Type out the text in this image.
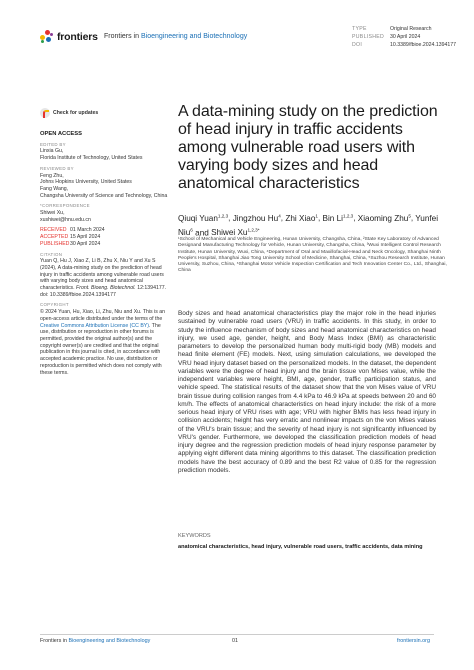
frontiers Frontiers in Bioengineering and Biotechnology
TYPE	Original Research
PUBLISHED 30 April 2024
DOI	10.3389/fbioe.2024.1394177
Check for updates
OPEN ACCESS
EDITED BY

Linxia Gu,
Florida Institute of Technology, United States

REVIEWED BY

Feng Zhu,
Johns Hopkins University, United States
Fang Wang,
Changsha University of Science and Technology, China

*CORRESPONDENCE

Shiwei Xu,
xushiwei@hnu.edu.cn

RECEIVED 01 March 2024
ACCEPTED 15 April 2024
PUBLISHED 30 April 2024
CITATION

Yuan Q, Hu J, Xiao Z, Li B, Zhu X, Niu Y and Xu S (2024), A data-mining study on the prediction of head injury in traffic accidents among vulnerable road users with varying body sizes and head anatomical characteristics. Front. Bioeng. Biotechnol. 12:1394177. doi: 10.3389/fbioe.2024.1394177

COPYRIGHT

© 2024 Yuan, Hu, Xiao, Li, Zhu, Niu and Xu. This is an open-access article distributed under the terms of the Creative Commons Attribution License (CC BY). The use, distribution or reproduction in other forums is permitted, provided the original author(s) and the copyright owner(s) are credited and that the original publication in this journal is cited, in accordance with accepted academic practice. No use, distribution or reproduction is permitted which does not comply with these terms.

A data-mining study on the prediction of head injury in traffic accidents among vulnerable road users with varying body sizes and head anatomical characteristics
Qiuqi Yuan$^{1,2,3}$, Jingzhou Hu$^4$, Zhi Xiao$^1$, Bin Li$^{1,2,3}$, Xiaoming Zhu$^5$, Yunfei Niu$^6$ and Shiwei $Xu^{1,2,3*}$
¹School of Mechanical and Vehicle Engineering, Hunan University, Changsha, China, ²State Key Laboratory of Advanced Designand Manufacturing Technology for Vehicle, Hunan University, Changsha, China, ³Wuxi Intelligent Control Research Institute, Hunan University, Wuxi, China, ⁴Department of Oral and Maxillofacial-Head and Neck Oncology, Shanghai Ninth People's Hospital, Shanghai Jiao Tong University School of Medicine, Shanghai, China, ⁵Suzhou Research Institute, Hunan University, Suzhou, China, ⁶Shanghai Motor Vehicle Inspection Certification and Tech Innovation Center Co., Ltd., Shanghai, China

Body sizes and head anatomical characteristics play the major role in the head injuries sustained by vulnerable road users (VRU) in traffic accidents. In this study, in order to study the influence mechanism of body sizes and head anatomical characteristics on head injury, we used age, gender, height, and Body Mass Index (BMI) as characteristic parameters to develop the personalized human body multi-rigid body (MB) models and head finite element (FE) models. Next, using simulation calculations, we developed the VRU head injury dataset based on the personalized models. In the dataset, the dependent variables were the degree of head injury and the brain tissue von Mises value, while the independent variables were height, BMI, age, gender, traffic participation status, and vehicle speed. The statistical results of the dataset show that the von Mises value of VRU brain tissue during collision ranges from 4.4 kPa to 46.9 kPa at speeds between 20 and 60 km/h. The effects of anatomical characteristics on head injury include: the risk of a more serious head injury of VRU rises with age; VRU with higher BMIs has less head injury in collision accidents; height has very erratic and nonlinear impacts on the von Mises values of the VRU's brain tissue; and the severity of head injury is not significantly influenced by VRU's gender. Furthermore, we developed the classification prediction models of head injury degree and the regression prediction models of head injury response parameter by applying eight different data mining algorithms to this dataset. The classification prediction models have the best accuracy of 0.89 and the best R2 value of 0.85 for the regression prediction models.

KEYWORDS
anatomical characteristics, head injury, vulnerable road users, traffic accidents, data mining
Frontiers in Bioengineering and Biotechnology	01	frontiersin.org
